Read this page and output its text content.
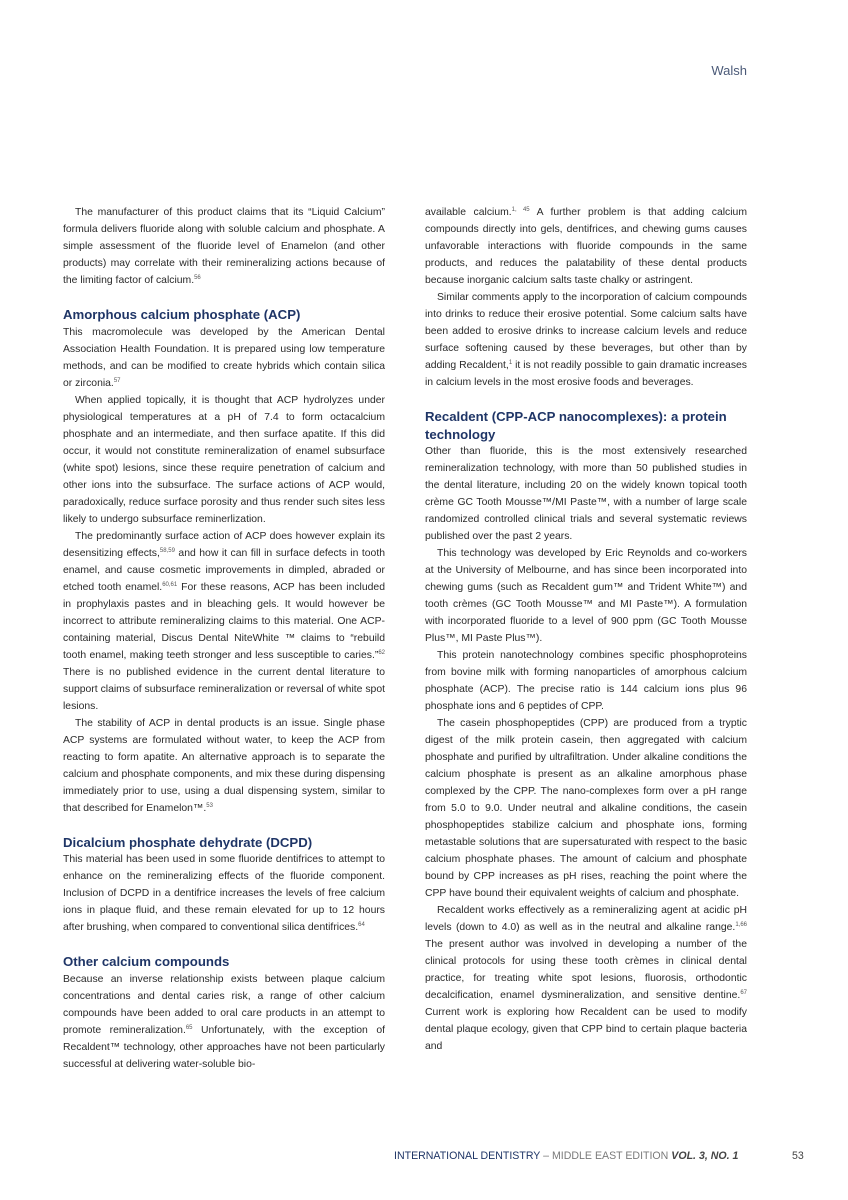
Walsh

The manufacturer of this product claims that its “Liquid Calcium” formula delivers fluoride along with soluble calcium and phosphate. A simple assessment of the fluoride level of Enamelon (and other products) may correlate with their remineralizing actions because of the limiting factor of calcium.$^{56}$

Amorphous calcium phosphate (ACP)

This macromolecule was developed by the American Dental Association Health Foundation. It is prepared using low temperature methods, and can be modified to create hybrids which contain silica or zirconia.$^{57}$

When applied topically, it is thought that ACP hydrolyzes under physiological temperatures at a pH of 7.4 to form octacalcium phosphate and an intermediate, and then surface apatite. If this did occur, it would not constitute remineralization of enamel subsurface (white spot) lesions, since these require penetration of calcium and other ions into the subsurface. The surface actions of ACP would, paradoxically, reduce surface porosity and thus render such sites less likely to undergo subsurface reminerlization.

The predominantly surface action of ACP does however explain its desensitizing effects,$^{58,59}$ and how it can fill in surface defects in tooth enamel, and cause cosmetic improvements in dimpled, abraded or etched tooth enamel.$^{60,61}$ For these reasons, ACP has been included in prophylaxis pastes and in bleaching gels. It would however be incorrect to attribute remineralizing claims to this material. One ACP-containing material, Discus Dental NiteWhite ™ claims to “rebuild tooth enamel, making teeth stronger and less susceptible to caries.”$^{62}$ There is no published evidence in the current dental literature to support claims of subsurface remineralization or reversal of white spot lesions.

The stability of ACP in dental products is an issue. Single phase ACP systems are formulated without water, to keep the ACP from reacting to form apatite. An alternative approach is to separate the calcium and phosphate components, and mix these during dispensing immediately prior to use, using a dual dispensing system, similar to that described for Enamelon™.$^{53}$

Dicalcium phosphate dehydrate (DCPD)

This material has been used in some fluoride dentifrices to attempt to enhance on the remineralizing effects of the fluoride component. Inclusion of DCPD in a dentifrice increases the levels of free calcium ions in plaque fluid, and these remain elevated for up to 12 hours after brushing, when compared to conventional silica dentifrices.$^{64}$

Other calcium compounds

Because an inverse relationship exists between plaque calcium concentrations and dental caries risk, a range of other calcium compounds have been added to oral care products in an attempt to promote remineralization.$^{65}$ Unfortunately, with the exception of Recaldent™ technology, other approaches have not been particularly successful at delivering water-soluble bio-

available calcium.$^{1, 45}$ A further problem is that adding calcium compounds directly into gels, dentifrices, and chewing gums causes unfavorable interactions with fluoride compounds in the same products, and reduces the palatability of these dental products because inorganic calcium salts taste chalky or astringent.

Similar comments apply to the incorporation of calcium compounds into drinks to reduce their erosive potential. Some calcium salts have been added to erosive drinks to increase calcium levels and reduce surface softening caused by these beverages, but other than by adding Recaldent,$^1$ it is not readily possible to gain dramatic increases in calcium levels in the most erosive foods and beverages.

Recaldent (CPP-ACP nanocomplexes): a protein technology

Other than fluoride, this is the most extensively researched remineralization technology, with more than 50 published studies in the dental literature, including 20 on the widely known topical tooth crème GC Tooth Mousse™/MI Paste™, with a number of large scale randomized controlled clinical trials and several systematic reviews published over the past 2 years.

This technology was developed by Eric Reynolds and co-workers at the University of Melbourne, and has since been incorporated into chewing gums (such as Recaldent gum™ and Trident White™) and tooth crèmes (GC Tooth Mousse™ and MI Paste™). A formulation with incorporated fluoride to a level of 900 ppm (GC Tooth Mousse Plus™, MI Paste Plus™).

This protein nanotechnology combines specific phosphoproteins from bovine milk with forming nanoparticles of amorphous calcium phosphate (ACP). The precise ratio is 144 calcium ions plus 96 phosphate ions and 6 peptides of CPP.

The casein phosphopeptides (CPP) are produced from a tryptic digest of the milk protein casein, then aggregated with calcium phosphate and purified by ultrafiltration. Under alkaline conditions the calcium phosphate is present as an alkaline amorphous phase complexed by the CPP. The nano-complexes form over a pH range from 5.0 to 9.0. Under neutral and alkaline conditions, the casein phosphopeptides stabilize calcium and phosphate ions, forming metastable solutions that are supersaturated with respect to the basic calcium phosphate phases. The amount of calcium and phosphate bound by CPP increases as pH rises, reaching the point where the CPP have bound their equivalent weights of calcium and phosphate.

Recaldent works effectively as a remineralizing agent at acidic pH levels (down to 4.0) as well as in the neutral and alkaline range.$^{1,66}$ The present author was involved in developing a number of the clinical protocols for using these tooth crèmes in clinical dental practice, for treating white spot lesions, fluorosis, orthodontic decalcification, enamel dysmineralization, and sensitive dentine.$^{67}$ Current work is exploring how Recaldent can be used to modify dental plaque ecology, given that CPP bind to certain plaque bacteria and

INTERNATIONAL DENTISTRY – MIDDLE EAST EDITION VOL. 3, NO. 1	53
